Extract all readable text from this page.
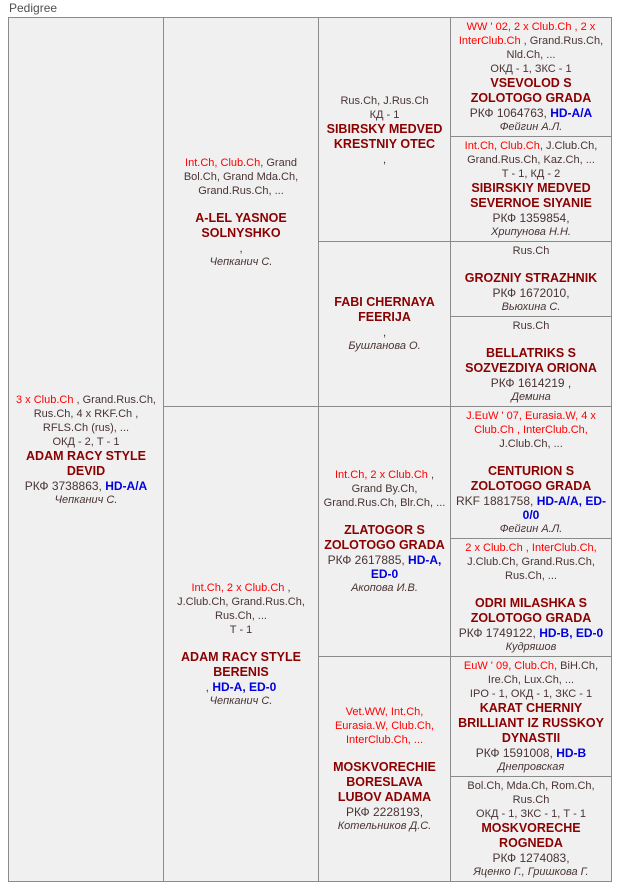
Pedigree
3 x Club.Ch , Grand.Rus.Ch, Rus.Ch, 4 x RKF.Ch , RFLS.Ch (rus), ...
ОКД - 2, Т - 1
ADAM RACY STYLE DEVID
РКФ 3738863, HD-A/A
Чепканич С.

Int.Ch, Club.Ch, Grand Bol.Ch, Grand Mda.Ch, Grand.Rus.Ch, ...
A-LEL YASNOE SOLNYSHKO
,
Чепканич С.

Rus.Ch, J.Rus.Ch
КД - 1
SIBIRSKY MEDVED KRESTNIY OTEC
,

WW ' 02, 2 x Club.Ch , 2 x InterClub.Ch , Grand.Rus.Ch, Nld.Ch, ...
ОКД - 1, ЗКС - 1
VSEVOLOD S ZOLOTOGO GRADA
РКФ 1064763, HD-A/A
Фейгин А.Л.

			Int.Ch, Club.Ch, J.Club.Ch, Grand.Rus.Ch, Kaz.Ch, ...
Т - 1, КД - 2
SIBIRSKIY MEDVED SEVERNOE SIYANIE
РКФ 1359854,
Хрипунова Н.Н.

FABI CHERNAYA FEERIJA
,
Бушланова О.

Rus.Ch
GROZNIY STRAZHNIK
РКФ 1672010,
Вьюхина С.

			Rus.Ch
BELLATRIKS S SOZVEZDIYA ORIONA
РКФ 1614219 ,
Демина

Int.Ch, 2 x Club.Ch , J.Club.Ch, Grand.Rus.Ch, Rus.Ch, ...
Т - 1
ADAM RACY STYLE BERENIS
, HD-A, ED-0
Чепканич С.

Int.Ch, 2 x Club.Ch , Grand By.Ch, Grand.Rus.Ch, Blr.Ch, ...
ZLATOGOR S ZOLOTOGO GRADA
РКФ 2617885, HD-A, ED-0
Акопова И.В.

J.EuW ' 07, Eurasia.W, 4 x Club.Ch , InterClub.Ch, J.Club.Ch, ...
CENTURION S ZOLOTOGO GRADA
RKF 1881758, HD-A/A, ED-0/0
Фейгин А.Л.

			2 x Club.Ch , InterClub.Ch, J.Club.Ch, Grand.Rus.Ch, Rus.Ch, ...
ODRI MILASHKA S ZOLOTOGO GRADA
РКФ 1749122, HD-B, ED-0
Кудряшов

Vet.WW, Int.Ch, Eurasia.W, Club.Ch, InterClub.Ch, ...
MOSKVORECHIE BORESLAVA LUBOV ADAMA
РКФ 2228193,
Котельников Д.С.

EuW ' 09, Club.Ch, BiH.Ch, Ire.Ch, Lux.Ch, ...
IPO - 1, ОКД - 1, ЗКС - 1
KARAT CHERNIY BRILLIANT IZ RUSSKOY DYNASTII
РКФ 1591008, HD-B
Днепровская

			Bol.Ch, Mda.Ch, Rom.Ch, Rus.Ch
ОКД - 1, ЗКС - 1, Т - 1
MOSKVORECHE ROGNEDA
РКФ 1274083,
Яценко Г., Гришкова Г.
